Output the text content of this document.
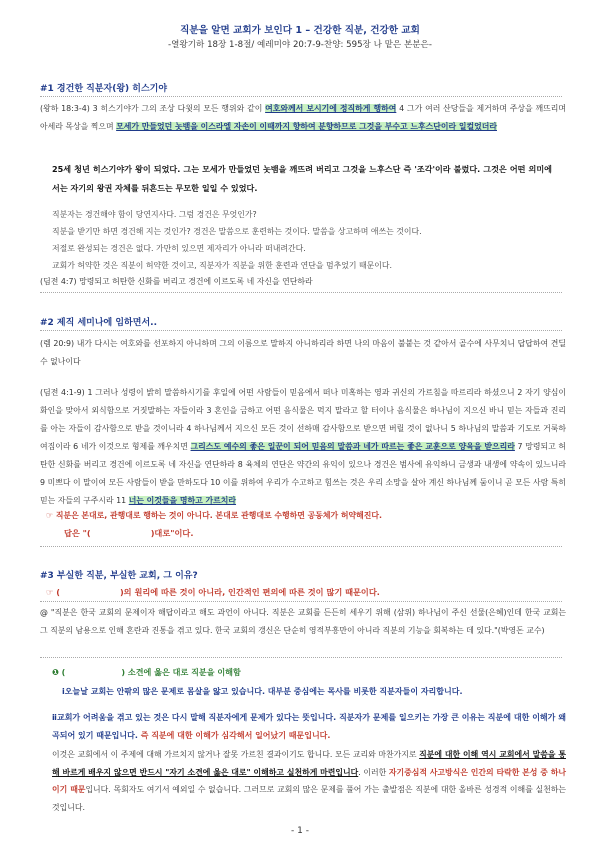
직분을 알면 교회가 보인다 1 – 건강한 직분, 건강한 교회
-열왕기하 18장 1-8절/ 예레미야 20:7-9-찬양: 595장 나 맡은 본분은-
#1 경건한 직분자(왕) 히스기야
(왕하 18:3-4) 3 히스기야가 그의 조상 다윗의 모든 행위와 같이 여호와께서 보시기에 정직하게 행하여 4 그가 여러 산당들을 제거하며 주상을 깨뜨리며 아세라 목상을 찍으며 모세가 만들었던 놋뱀을 이스라엘 자손이 이때까지 향하여 분향하므로 그것을 부수고 느후스단이라 일컬었더라
25세 청년 히스기야가 왕이 되었다. 그는 모세가 만들었던 놋뱀을 깨뜨려 버리고 그것을 느후스단 즉 '조각'이라 불렀다. 그것은 어떤 의미에서는 자기의 왕권 자체를 뒤흔드는 무모한 일일 수 있었다.
직분자는 경건해야 함이 당연지사다. 그럼 경건은 무엇인가?
직분을 받기만 하면 경건해 지는 것인가? 경건은 말씀으로 훈련하는 것이다. 말씀을 상고하며 애쓰는 것이다.
저절로 완성되는 경건은 없다. 가만히 있으면 제자리가 아니라 떠내려간다.
교회가 허약한 것은 직분이 허약한 것이고, 직분자가 직분을 위한 훈련과 연단을 멈추었기 때문이다.
(딤전 4:7) 망령되고 허탄한 신화를 버리고 경건에 이르도록 네 자신을 연단하라
#2 제직 세미나에 임하면서..
(렘 20:9) 내가 다시는 여호와를 선포하지 아니하며 그의 이름으로 말하지 아니하리라 하면 나의 마음이 불붙는 것 같아서 골수에 사무치니 답답하여 견딜 수 없나이다
(딤전 4:1-9) 1 그러나 성령이 밝히 말씀하시기를 후일에 어떤 사람들이 믿음에서 떠나 미혹하는 영과 귀신의 가르침을 따르리라 하셨으니 2 자기 양심이 화인을 맞아서 외식함으로 거짓말하는 자들이라 3 혼인을 금하고 어떤 음식물은 먹지 말라고 할 터이나 음식물은 하나님이 지으신 바니 믿는 자들과 진리를 아는 자들이 감사함으로 받을 것이니라 4 하나님께서 지으신 모든 것이 선하매 감사함으로 받으면 버릴 것이 없나니 5 하나님의 말씀과 기도로 거룩하여짐이라 6 네가 이것으로 형제를 깨우치면 그리스도 예수의 좋은 일꾼이 되어 믿음의 말씀과 네가 따르는 좋은 교훈으로 양육을 받으리라 7 망령되고 허탄한 신화를 버리고 경건에 이르도록 네 자신을 연단하라 8 육체의 연단은 약간의 유익이 있으나 경건은 범사에 유익하니 금생과 내생에 약속이 있느니라 9 미쁘다 이 말이여 모든 사람들이 받을 만하도다 10 이를 위하여 우리가 수고하고 힘쓰는 것은 우리 소망을 살아 계신 하나님께 둠이니 곧 모든 사람 특히 믿는 자들의 구주시라 11 너는 이것들을 명하고 가르치라
☞ 직분은 본대로, 관행대로 행하는 것이 아니다. 본대로 관행대로 수행하면 공동체가 허약해진다.
답은 "(	)대로"이다.
#3 부실한 직분, 부실한 교회, 그 이유?
☞ (	)의 원리에 따른 것이 아니라, 인간적인 편의에 따른 것이 많기 때문이다.
@ "직분은 한국 교회의 문제이자 해답이라고 해도 과언이 아니다. 직분은 교회를 든든히 세우기 위해 (삼위) 하나님이 주신 선물(은혜)인데 한국 교회는 그 직분의 남용으로 인해 혼란과 진통을 겪고 있다. 한국 교회의 갱신은 단순히 영적부흥만이 아니라 직분의 기능을 회복하는 데 있다."(박영돈 교수)
❶ (	) 소견에 옳은 대로 직분을 이해함
ⅰ오늘날 교회는 안팎의 많은 문제로 몸살을 앓고 있습니다. 대부분 중심에는 목사를 비롯한 직분자들이 자리합니다.
ⅱ교회가 어려움을 겪고 있는 것은 다시 말해 직분자에게 문제가 있다는 뜻입니다. 직분자가 문제를 일으키는 가장 큰 이유는 직분에 대한 이해가 왜곡되어 있기 때문입니다. 즉 직분에 대한 이해가 심각해서 일어났기 때문입니다.
이것은 교회에서 이 주제에 대해 가르치지 않거나 잘못 가르친 결과이기도 합니다. 모든 교리와 마찬가지로 직분에 대한 이해 역시 교회에서 말씀을 통해 바르게 배우지 않으면 반드시 "자기 소견에 옳은 대로" 이해하고 실천하게 마련입니다. 이러한 자기중심적 사고방식은 인간의 타락한 본성 중 하나이기 때문입니다. 목회자도 여기서 예외일 수 없습니다. 그러므로 교회의 많은 문제를 풀어 가는 출발점은 직분에 대한 올바른 성경적 이해를 실천하는 것입니다.
- 1 -
